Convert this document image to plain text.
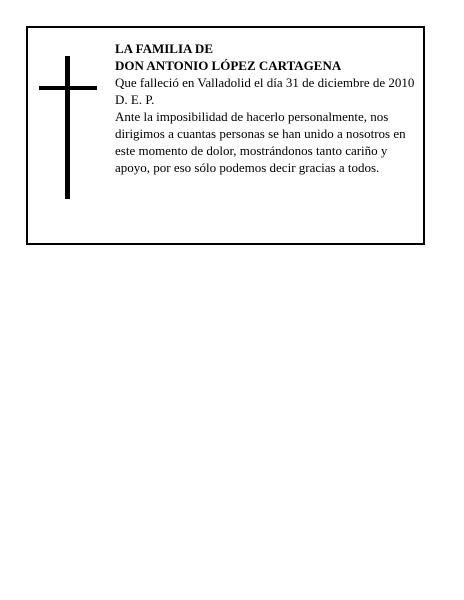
LA FAMILIA DE

DON ANTONIO LÓPEZ CARTAGENA

Que falleció en Valladolid el día 31 de diciembre de 2010

D. E. P.

Ante la imposibilidad de hacerlo personalmente, nos dirigimos a cuantas personas se han unido a nosotros en este momento de dolor, mostrándonos tanto cariño y apoyo, por eso sólo podemos decir gracias a todos.
